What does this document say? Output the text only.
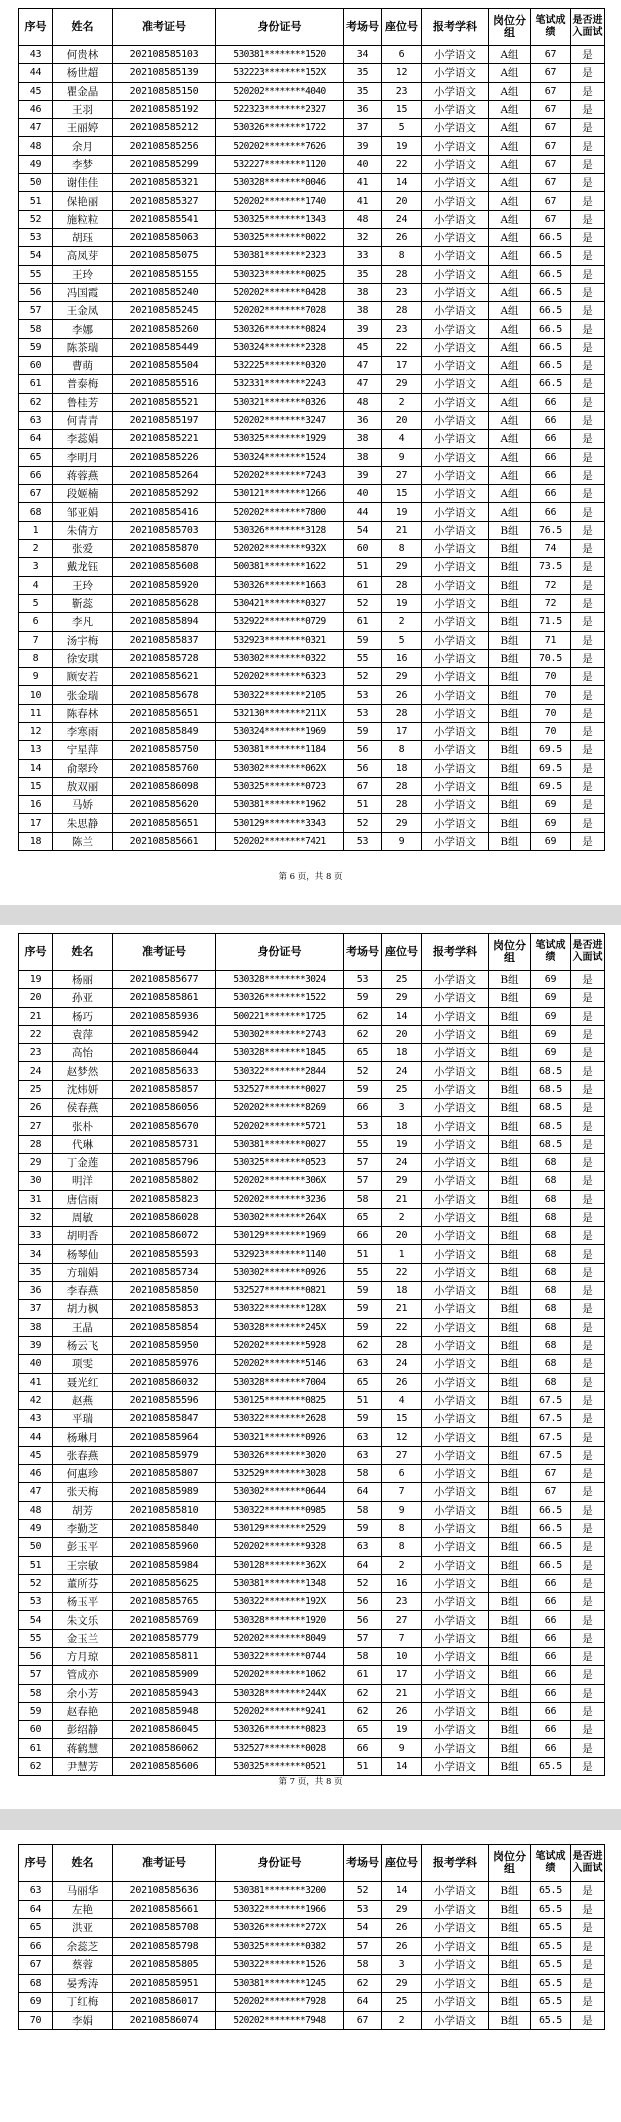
序号	姓名	准考证号	身份证号	考场号	座位号	报考学科	岗位分组	笔试成绩	是否进入面试
43	何贵林	202108585103	530381********1520	34	6	小学语文	A组	67	是
44	杨世超	202108585139	532223********152X	35	12	小学语文	A组	67	是
45	瞿金晶	202108585150	520202********4040	35	23	小学语文	A组	67	是
46	王羽	202108585192	522323********2327	36	15	小学语文	A组	67	是
47	王丽婷	202108585212	530326********1722	37	5	小学语文	A组	67	是
48	余月	202108585256	520202********7626	39	19	小学语文	A组	67	是
49	李梦	202108585299	532227********1120	40	22	小学语文	A组	67	是
50	谢佳佳	202108585321	530328********0046	41	14	小学语文	A组	67	是
51	保艳丽	202108585327	520202********1740	41	20	小学语文	A组	67	是
52	施粒粒	202108585541	530325********1343	48	24	小学语文	A组	67	是
53	胡珏	202108585063	530325********0022	32	26	小学语文	A组	66.5	是
54	高凤芽	202108585075	530381********2323	33	8	小学语文	A组	66.5	是
55	王玲	202108585155	530323********0025	35	28	小学语文	A组	66.5	是
56	冯国霞	202108585240	520202********0428	38	23	小学语文	A组	66.5	是
57	王金凤	202108585245	520202********7028	38	28	小学语文	A组	66.5	是
58	李娜	202108585260	530326********0824	39	23	小学语文	A组	66.5	是
59	陈茶瑞	202108585449	530324********2328	45	22	小学语文	A组	66.5	是
60	曹萌	202108585504	532225********0320	47	17	小学语文	A组	66.5	是
61	普泰梅	202108585516	532331********2243	47	29	小学语文	A组	66.5	是
62	鲁桂芳	202108585521	530321********0326	48	2	小学语文	A组	66	是
63	何青青	202108585197	520202********3247	36	20	小学语文	A组	66	是
64	李蕊娟	202108585221	530325********1929	38	4	小学语文	A组	66	是
65	李明月	202108585226	530324********1524	38	9	小学语文	A组	66	是
66	蒋蓉燕	202108585264	520202********7243	39	27	小学语文	A组	66	是
67	段姬楠	202108585292	530121********1266	40	15	小学语文	A组	66	是
68	邹亚娟	202108585416	520202********7800	44	19	小学语文	A组	66	是
1	朱倩方	202108585703	530326********3128	54	21	小学语文	B组	76.5	是
2	张爱	202108585870	520202********932X	60	8	小学语文	B组	74	是
3	戴龙钰	202108585608	500381********1622	51	29	小学语文	B组	73.5	是
4	王玲	202108585920	530326********1663	61	28	小学语文	B组	72	是
5	靳蕊	202108585628	530421********0327	52	19	小学语文	B组	72	是
6	李凡	202108585894	532922********0729	61	2	小学语文	B组	71.5	是
7	汤宇梅	202108585837	532923********0321	59	5	小学语文	B组	71	是
8	徐安琪	202108585728	530302********0322	55	16	小学语文	B组	70.5	是
9	顾安若	202108585621	520202********6323	52	29	小学语文	B组	70	是
10	张金瑞	202108585678	530322********2105	53	26	小学语文	B组	70	是
11	陈春林	202108585651	532130********211X	53	28	小学语文	B组	70	是
12	李寒雨	202108585849	530324********1969	59	17	小学语文	B组	70	是
13	宁星萍	202108585750	530381********1184	56	8	小学语文	B组	69.5	是
14	俞翠玲	202108585760	530302********062X	56	18	小学语文	B组	69.5	是
15	敖双丽	202108586098	530325********0723	67	28	小学语文	B组	69.5	是
16	马娇	202108585620	530381********1962	51	28	小学语文	B组	69	是
17	朱思静	202108585651	530129********3343	52	29	小学语文	B组	69	是
18	陈兰	202108585661	520202********7421	53	9	小学语文	B组	69	是
第 6 页，共 8 页
序号	姓名	准考证号	身份证号	考场号	座位号	报考学科	岗位分组	笔试成绩	是否进入面试
19	杨丽	202108585677	530328********3024	53	25	小学语文	B组	69	是
20	孙亚	202108585861	530326********1522	59	29	小学语文	B组	69	是
21	杨巧	202108585936	500221********1725	62	14	小学语文	B组	69	是
22	袁萍	202108585942	530302********2743	62	20	小学语文	B组	69	是
23	高怡	202108586044	530328********1845	65	18	小学语文	B组	69	是
24	赵梦然	202108585633	530322********2844	52	24	小学语文	B组	68.5	是
25	沈炜妍	202108585857	532527********0027	59	25	小学语文	B组	68.5	是
26	侯春燕	202108586056	520202********8269	66	3	小学语文	B组	68.5	是
27	张朴	202108585670	520202********5721	53	18	小学语文	B组	68.5	是
28	代琳	202108585731	530381********0027	55	19	小学语文	B组	68.5	是
29	丁金莲	202108585796	530325********0523	57	24	小学语文	B组	68	是
30	明洋	202108585802	520202********306X	57	29	小学语文	B组	68	是
31	唐信雨	202108585823	520202********3236	58	21	小学语文	B组	68	是
32	周敏	202108586028	530302********264X	65	2	小学语文	B组	68	是
33	胡明香	202108586072	530129********1969	66	20	小学语文	B组	68	是
34	杨琴仙	202108585593	532923********1140	51	1	小学语文	B组	68	是
35	方瑞娟	202108585734	530302********0926	55	22	小学语文	B组	68	是
36	李春燕	202108585850	532527********0821	59	18	小学语文	B组	68	是
37	胡力枫	202108585853	530322********128X	59	21	小学语文	B组	68	是
38	王晶	202108585854	530328********245X	59	22	小学语文	B组	68	是
39	杨云飞	202108585950	520202********5928	62	28	小学语文	B组	68	是
40	项雯	202108585976	520202********5146	63	24	小学语文	B组	68	是
41	聂光红	202108586032	530328********7004	65	26	小学语文	B组	68	是
42	赵燕	202108585596	530125********0825	51	4	小学语文	B组	67.5	是
43	平瑞	202108585847	530322********2628	59	15	小学语文	B组	67.5	是
44	杨琳月	202108585964	530321********0926	63	12	小学语文	B组	67.5	是
45	张春燕	202108585979	530326********3020	63	27	小学语文	B组	67.5	是
46	何惠珍	202108585807	532529********3028	58	6	小学语文	B组	67	是
47	张天梅	202108585989	530302********0644	64	7	小学语文	B组	67	是
48	胡芳	202108585810	530322********0985	58	9	小学语文	B组	66.5	是
49	李勤芝	202108585840	530129********2529	59	8	小学语文	B组	66.5	是
50	彭玉平	202108585960	520202********9328	63	8	小学语文	B组	66.5	是
51	王宗敏	202108585984	530128********362X	64	2	小学语文	B组	66.5	是
52	董所芬	202108585625	530381********1348	52	16	小学语文	B组	66	是
53	杨玉平	202108585765	530322********192X	56	23	小学语文	B组	66	是
54	朱文乐	202108585769	530328********1920	56	27	小学语文	B组	66	是
55	金玉兰	202108585779	520202********8049	57	7	小学语文	B组	66	是
56	方月琼	202108585811	530322********0744	58	10	小学语文	B组	66	是
57	管成亦	202108585909	520202********1062	61	17	小学语文	B组	66	是
58	余小芳	202108585943	530328********244X	62	21	小学语文	B组	66	是
59	赵春艳	202108585948	520202********9241	62	26	小学语文	B组	66	是
60	彭绍静	202108586045	530326********0823	65	19	小学语文	B组	66	是
61	蒋鹤慧	202108586062	532527********0028	66	9	小学语文	B组	66	是
62	尹慧芳	202108585606	530325********0521	51	14	小学语文	B组	65.5	是
第 7 页，共 8 页
序号	姓名	准考证号	身份证号	考场号	座位号	报考学科	岗位分组	笔试成绩	是否进入面试
63	马丽华	202108585636	530381********3200	52	14	小学语文	B组	65.5	是
64	左艳	202108585661	530322********1966	53	29	小学语文	B组	65.5	是
65	洪亚	202108585708	530326********272X	54	26	小学语文	B组	65.5	是
66	余蕊芝	202108585798	530325********0382	57	26	小学语文	B组	65.5	是
67	蔡蓉	202108585805	530322********1526	58	3	小学语文	B组	65.5	是
68	晏秀涛	202108585951	530381********1245	62	29	小学语文	B组	65.5	是
69	丁红梅	202108586017	520202********7928	64	25	小学语文	B组	65.5	是
70	李娟	202108586074	520202********7948	67	2	小学语文	B组	65.5	是
